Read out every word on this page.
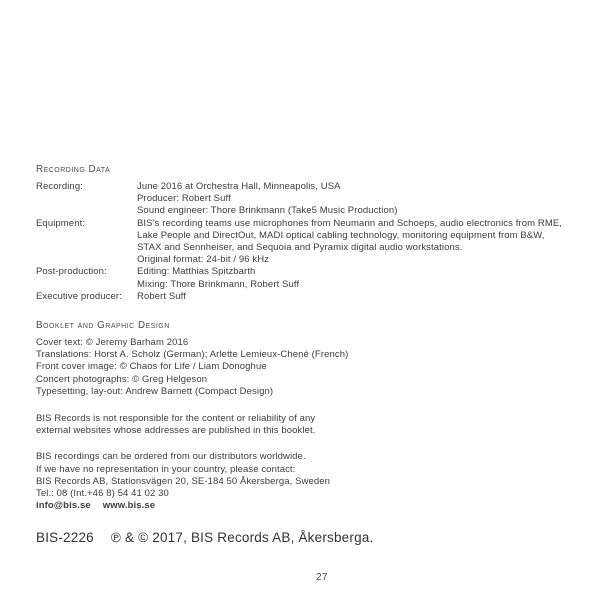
Recording Data
Recording:	June 2016 at Orchestra Hall, Minneapolis, USA
Producer: Robert Suff
Sound engineer: Thore Brinkmann (Take5 Music Production)
Equipment:	BIS’s recording teams use microphones from Neumann and Schoeps, audio electronics from RME,
Lake People and DirectOut, MADI optical cabling technology, monitoring equipment from B&W,
STAX and Sennheiser, and Sequoia and Pyramix digital audio workstations.
Original format: 24-bit / 96 kHz
Post-production:	Editing: Matthias Spitzbarth
Mixing: Thore Brinkmann, Robert Suff
Executive producer:	Robert Suff
Booklet and Graphic Design
Cover text: © Jeremy Barham 2016
Translations: Horst A. Scholz (German); Arlette Lemieux-Chené (French)
Front cover image: © Chaos for Life / Liam Donoghue
Concert photographs: © Greg Helgeson
Typesetting, lay-out: Andrew Barnett (Compact Design)
BIS Records is not responsible for the content or reliability of any
external websites whose addresses are published in this booklet.
BIS recordings can be ordered from our distributors worldwide.
If we have no representation in your country, please contact:
BIS Records AB, Stationsvägen 20, SE-184 50 Åkersberga, Sweden
Tel.: 08 (Int.+46 8) 54 41 02 30
info@bis.se www.bis.se
BIS-2226 ℗ & © 2017, BIS Records AB, Åkersberga.
27
